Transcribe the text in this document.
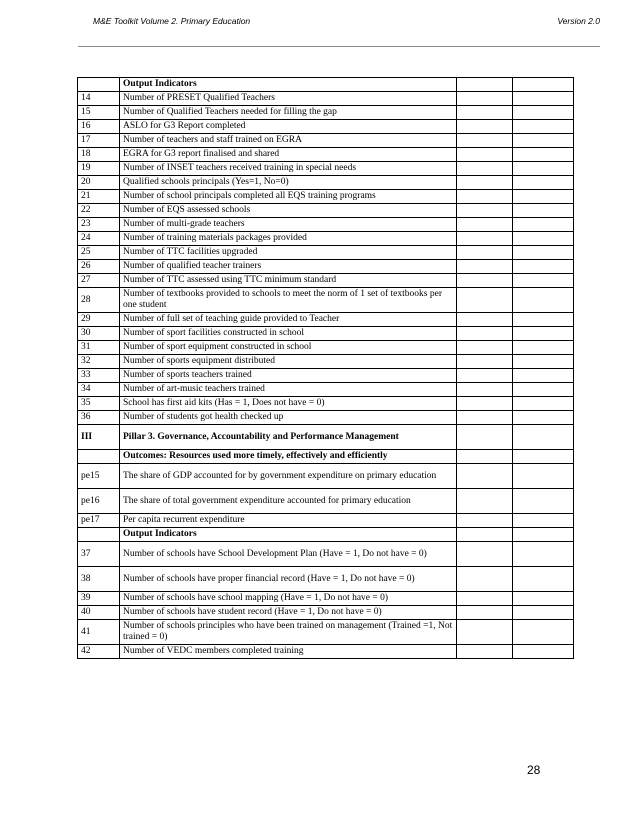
M&E Toolkit Volume 2. Primary Education	Version 2.0
	Output Indicators		
14	Number of PRESET Qualified Teachers		
15	Number of Qualified Teachers needed for filling the gap		
16	ASLO for G3 Report completed		
17	Number of teachers and staff trained on EGRA		
18	EGRA for G3 report finalised and shared		
19	Number of INSET teachers received training in special needs		
20	Qualified schools principals (Yes=1, No=0)		
21	Number of school principals completed all EQS training programs		
22	Number of EQS assessed schools		
23	Number of multi-grade teachers		
24	Number of training materials packages provided		
25	Number of TTC facilities upgraded		
26	Number of qualified teacher trainers		
27	Number of TTC assessed using TTC minimum standard		
28	Number of textbooks provided to schools to meet the norm of 1 set of textbooks per one student		
29	Number of full set of teaching guide provided to Teacher		
30	Number of sport facilities constructed in school		
31	Number of sport equipment constructed in school		
32	Number of sports equipment distributed		
33	Number of sports teachers trained		
34	Number of art-music teachers trained		
35	School has first aid kits (Has = 1, Does not have = 0)		
36	Number of students got health checked up		
III	Pillar 3. Governance, Accountability and Performance Management		
	Outcomes: Resources used more timely, effectively and efficiently		
pe15	The share of GDP accounted for by government expenditure on primary education		
pe16	The share of total government expenditure accounted for primary education		
pe17	Per capita recurrent expenditure		
	Output Indicators		
37	Number of schools have School Development Plan (Have = 1, Do not have = 0)		
38	Number of schools have proper financial record (Have = 1, Do not have = 0)		
39	Number of schools have school mapping (Have = 1, Do not have = 0)		
40	Number of schools have student record (Have = 1, Do not have = 0)		
41	Number of schools principles who have been trained on management (Trained =1, Not trained = 0)		
42	Number of VEDC members completed training		
28
